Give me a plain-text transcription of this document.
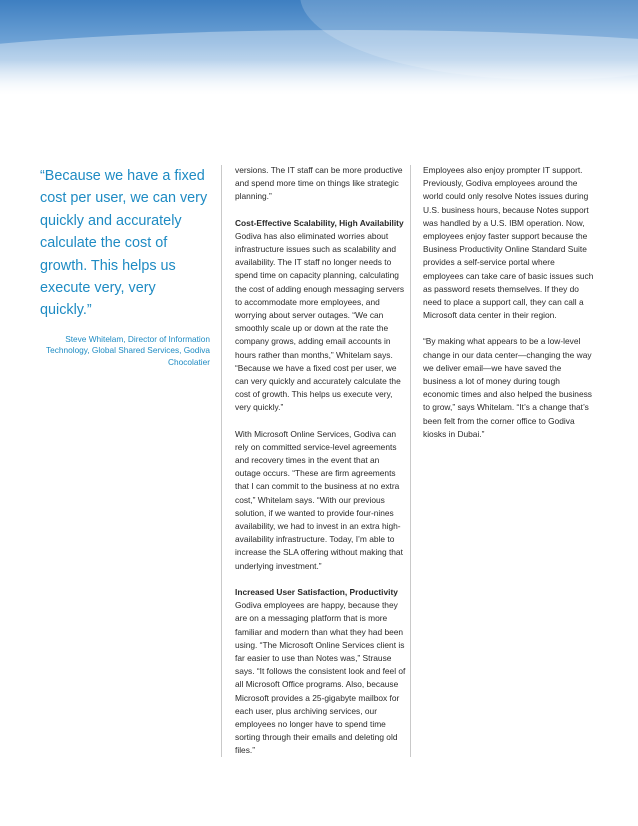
“Because we have a fixed cost per user, we can very quickly and accurately calculate the cost of growth. This helps us execute very, very quickly.”

Steve Whitelam, Director of Information Technology, Global Shared Services, Godiva Chocolatier

versions. The IT staff can be more productive and spend more time on things like strategic planning.”

Cost-Effective Scalability, High Availability

Godiva has also eliminated worries about infrastructure issues such as scalability and availability. The IT staff no longer needs to spend time on capacity planning, calculating the cost of adding enough messaging servers to accommodate more employees, and worrying about server outages. “We can smoothly scale up or down at the rate the company grows, adding email accounts in hours rather than months,” Whitelam says. “Because we have a fixed cost per user, we can very quickly and accurately calculate the cost of growth. This helps us execute very, very quickly.”

With Microsoft Online Services, Godiva can rely on committed service-level agreements and recovery times in the event that an outage occurs. “These are firm agreements that I can commit to the business at no extra cost,” Whitelam says. “With our previous solution, if we wanted to provide four-nines availability, we had to invest in an extra high-availability infrastructure. Today, I’m able to increase the SLA offering without making that underlying investment.”

Increased User Satisfaction, Productivity

Godiva employees are happy, because they are on a messaging platform that is more familiar and modern than what they had been using. “The Microsoft Online Services client is far easier to use than Notes was,” Strause says. “It follows the consistent look and feel of all Microsoft Office programs. Also, because Microsoft provides a 25-gigabyte mailbox for each user, plus archiving services, our employees no longer have to spend time sorting through their emails and deleting old files.”

Employees also enjoy prompter IT support. Previously, Godiva employees around the world could only resolve Notes issues during U.S. business hours, because Notes support was handled by a U.S. IBM operation. Now, employees enjoy faster support because the Business Productivity Online Standard Suite provides a self-service portal where employees can take care of basic issues such as password resets themselves. If they do need to place a support call, they can call a Microsoft data center in their region.

“By making what appears to be a low-level change in our data center—changing the way we deliver email—we have saved the business a lot of money during tough economic times and also helped the business to grow,” says Whitelam. “It’s a change that’s been felt from the corner office to Godiva kiosks in Dubai.”
